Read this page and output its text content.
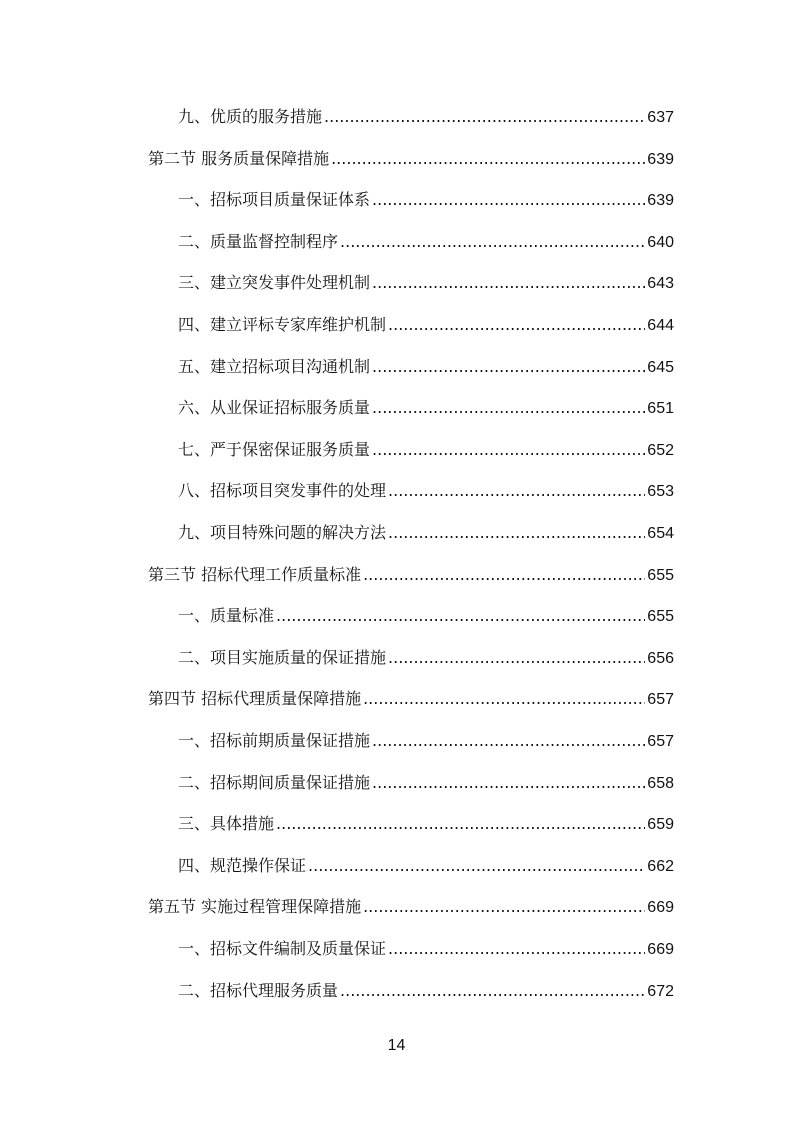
九、优质的服务措施 .....	637
第二节 服务质量保障措施 .....	639
一、招标项目质量保证体系 .....	639
二、质量监督控制程序 .....	640
三、建立突发事件处理机制 .....	643
四、建立评标专家库维护机制 .....	644
五、建立招标项目沟通机制 .....	645
六、从业保证招标服务质量 .....	651
七、严于保密保证服务质量 .....	652
八、招标项目突发事件的处理 .....	653
九、项目特殊问题的解决方法 .....	654
第三节 招标代理工作质量标准 .....	655
一、质量标准 .....	655
二、项目实施质量的保证措施 .....	656
第四节 招标代理质量保障措施 .....	657
一、招标前期质量保证措施 .....	657
二、招标期间质量保证措施 .....	658
三、具体措施 .....	659
四、规范操作保证 .....	662
第五节 实施过程管理保障措施 .....	669
一、招标文件编制及质量保证 .....	669
二、招标代理服务质量 .....	672
14
